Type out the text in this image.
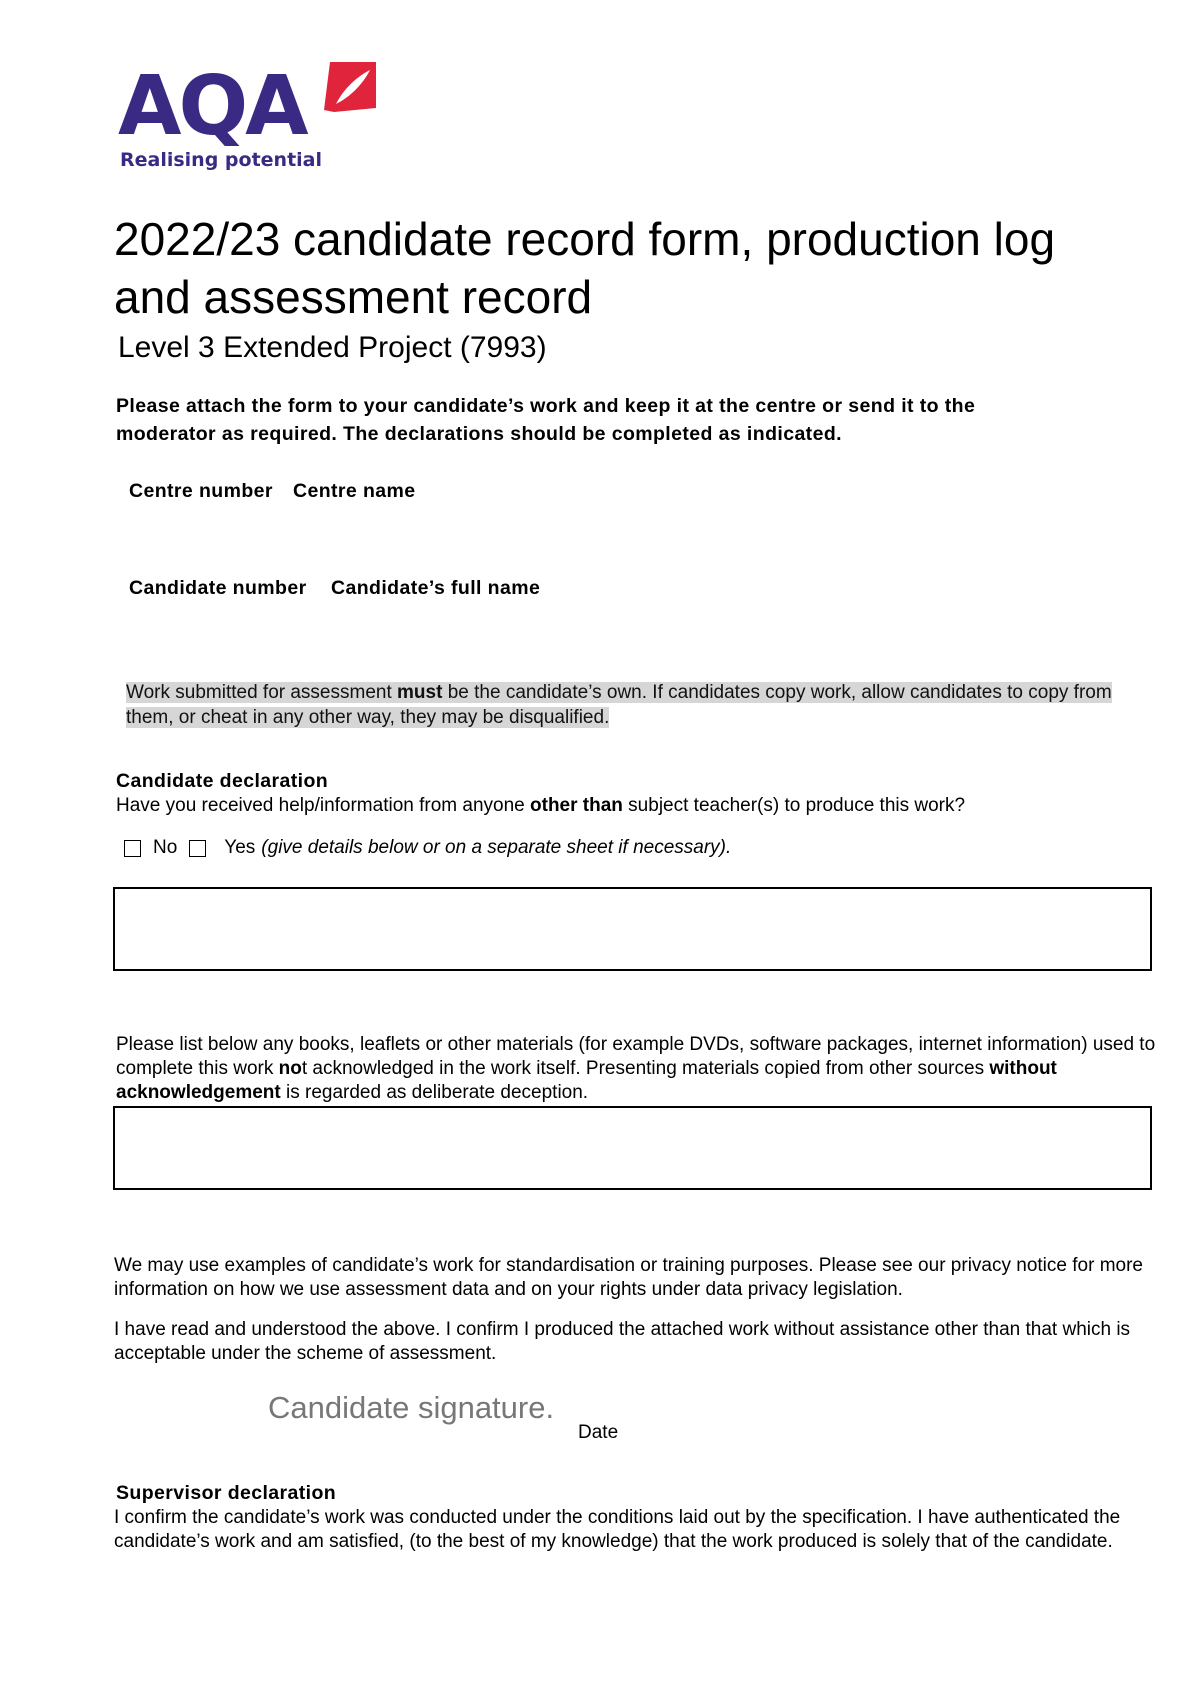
AQA
Realising potential
2022/23 candidate record form, production log and assessment record
Level 3 Extended Project (7993)
Please attach the form to your candidate’s work and keep it at the centre or send it to the moderator as required. The declarations should be completed as indicated.
Centre number Centre name
Candidate number Candidate’s full name
Work submitted for assessment must be the candidate’s own. If candidates copy work, allow candidates to copy from them, or cheat in any other way, they may be disqualified.
Candidate declaration
Have you received help/information from anyone other than subject teacher(s) to produce this work?
No Yes (give details below or on a separate sheet if necessary).
Please list below any books, leaflets or other materials (for example DVDs, software packages, internet information) used to complete this work not acknowledged in the work itself. Presenting materials copied from other sources without acknowledgement is regarded as deliberate deception.
We may use examples of candidate’s work for standardisation or training purposes. Please see our privacy notice for more information on how we use assessment data and on your rights under data privacy legislation.
I have read and understood the above. I confirm I produced the attached work without assistance other than that which is acceptable under the scheme of assessment.
Candidate signature.
Date
Supervisor declaration
I confirm the candidate’s work was conducted under the conditions laid out by the specification. I have authenticated the candidate’s work and am satisfied, (to the best of my knowledge) that the work produced is solely that of the candidate.
